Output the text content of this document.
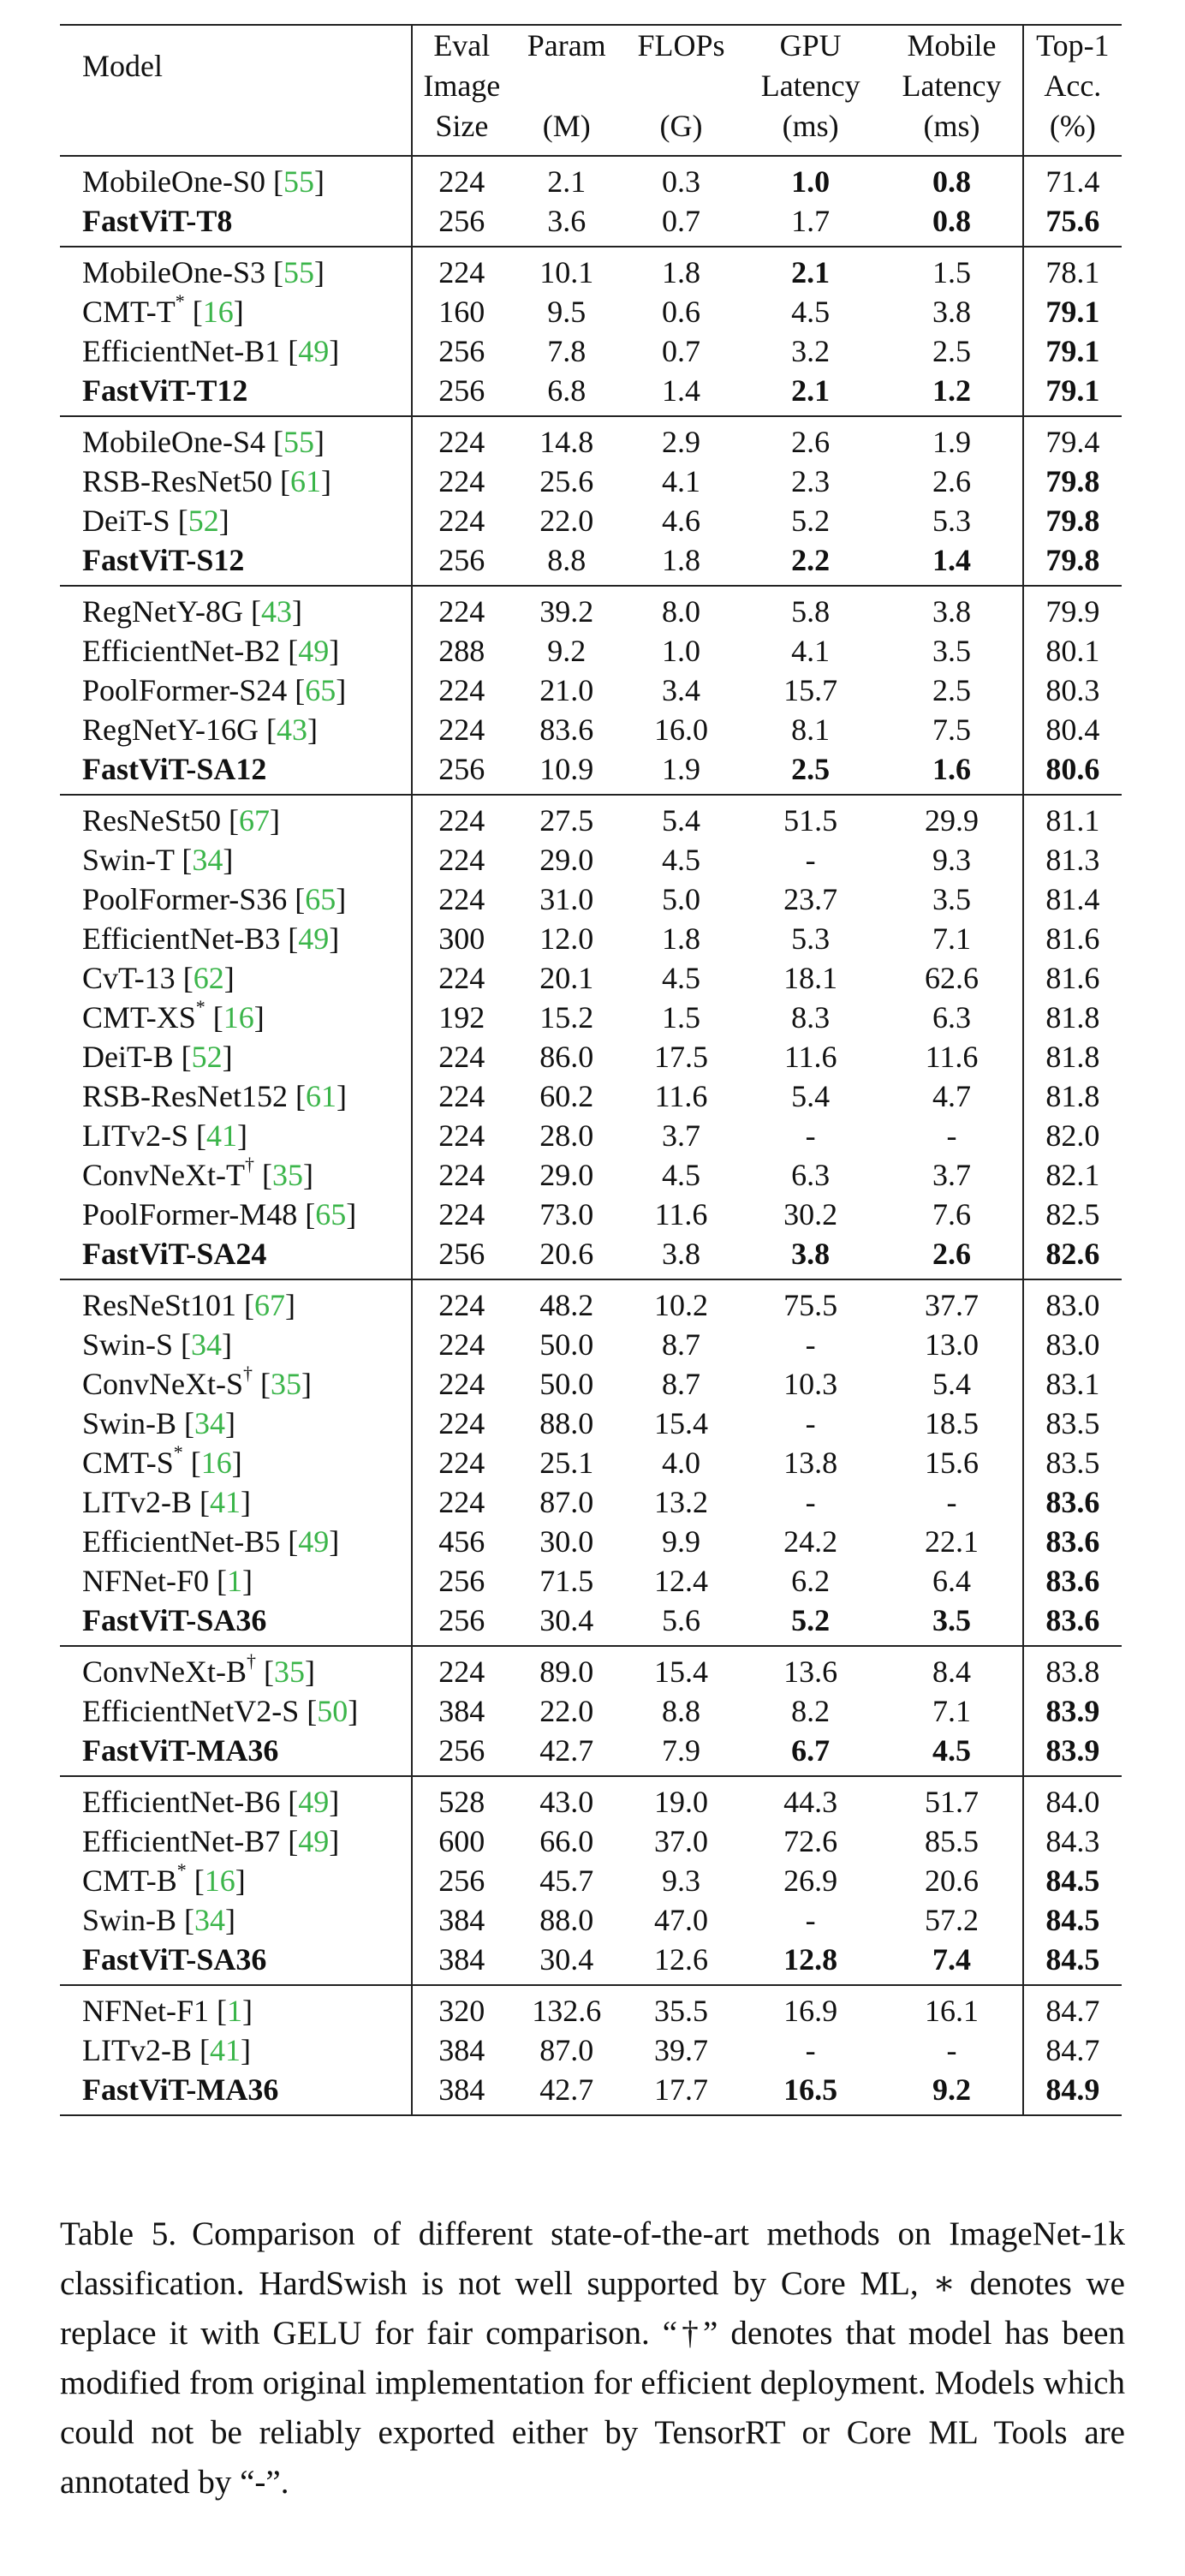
Model	Eval	Param	FLOPs	GPU	Mobile	Top-1
	Image			Latency	Latency	Acc.
	Size	(M)	(G)	(ms)	(ms)	(%)
MobileOne-S0 [55]	224	2.1	0.3	1.0	0.8	71.4
FastViT-T8	256	3.6	0.7	1.7	0.8	75.6
MobileOne-S3 [55]	224	10.1	1.8	2.1	1.5	78.1
CMT-T* [16]	160	9.5	0.6	4.5	3.8	79.1
EfficientNet-B1 [49]	256	7.8	0.7	3.2	2.5	79.1
FastViT-T12	256	6.8	1.4	2.1	1.2	79.1
MobileOne-S4 [55]	224	14.8	2.9	2.6	1.9	79.4
RSB-ResNet50 [61]	224	25.6	4.1	2.3	2.6	79.8
DeiT-S [52]	224	22.0	4.6	5.2	5.3	79.8
FastViT-S12	256	8.8	1.8	2.2	1.4	79.8
RegNetY-8G [43]	224	39.2	8.0	5.8	3.8	79.9
EfficientNet-B2 [49]	288	9.2	1.0	4.1	3.5	80.1
PoolFormer-S24 [65]	224	21.0	3.4	15.7	2.5	80.3
RegNetY-16G [43]	224	83.6	16.0	8.1	7.5	80.4
FastViT-SA12	256	10.9	1.9	2.5	1.6	80.6
ResNeSt50 [67]	224	27.5	5.4	51.5	29.9	81.1
Swin-T [34]	224	29.0	4.5	-	9.3	81.3
PoolFormer-S36 [65]	224	31.0	5.0	23.7	3.5	81.4
EfficientNet-B3 [49]	300	12.0	1.8	5.3	7.1	81.6
CvT-13 [62]	224	20.1	4.5	18.1	62.6	81.6
CMT-XS* [16]	192	15.2	1.5	8.3	6.3	81.8
DeiT-B [52]	224	86.0	17.5	11.6	11.6	81.8
RSB-ResNet152 [61]	224	60.2	11.6	5.4	4.7	81.8
LITv2-S [41]	224	28.0	3.7	-	-	82.0
ConvNeXt-T† [35]	224	29.0	4.5	6.3	3.7	82.1
PoolFormer-M48 [65]	224	73.0	11.6	30.2	7.6	82.5
FastViT-SA24	256	20.6	3.8	3.8	2.6	82.6
ResNeSt101 [67]	224	48.2	10.2	75.5	37.7	83.0
Swin-S [34]	224	50.0	8.7	-	13.0	83.0
ConvNeXt-S† [35]	224	50.0	8.7	10.3	5.4	83.1
Swin-B [34]	224	88.0	15.4	-	18.5	83.5
CMT-S* [16]	224	25.1	4.0	13.8	15.6	83.5
LITv2-B [41]	224	87.0	13.2	-	-	83.6
EfficientNet-B5 [49]	456	30.0	9.9	24.2	22.1	83.6
NFNet-F0 [1]	256	71.5	12.4	6.2	6.4	83.6
FastViT-SA36	256	30.4	5.6	5.2	3.5	83.6
ConvNeXt-B† [35]	224	89.0	15.4	13.6	8.4	83.8
EfficientNetV2-S [50]	384	22.0	8.8	8.2	7.1	83.9
FastViT-MA36	256	42.7	7.9	6.7	4.5	83.9
EfficientNet-B6 [49]	528	43.0	19.0	44.3	51.7	84.0
EfficientNet-B7 [49]	600	66.0	37.0	72.6	85.5	84.3
CMT-B* [16]	256	45.7	9.3	26.9	20.6	84.5
Swin-B [34]	384	88.0	47.0	-	57.2	84.5
FastViT-SA36	384	30.4	12.6	12.8	7.4	84.5
NFNet-F1 [1]	320	132.6	35.5	16.9	16.1	84.7
LITv2-B [41]	384	87.0	39.7	-	-	84.7
FastViT-MA36	384	42.7	17.7	16.5	9.2	84.9
Table 5. Comparison of different state-of-the-art methods on ImageNet-1k classification. HardSwish is not well supported by Core ML, ∗ denotes we replace it with GELU for fair comparison. “†” denotes that model has been modified from original implementation for efficient deployment. Models which could not be reliably exported either by TensorRT or Core ML Tools are annotated by “-”.
